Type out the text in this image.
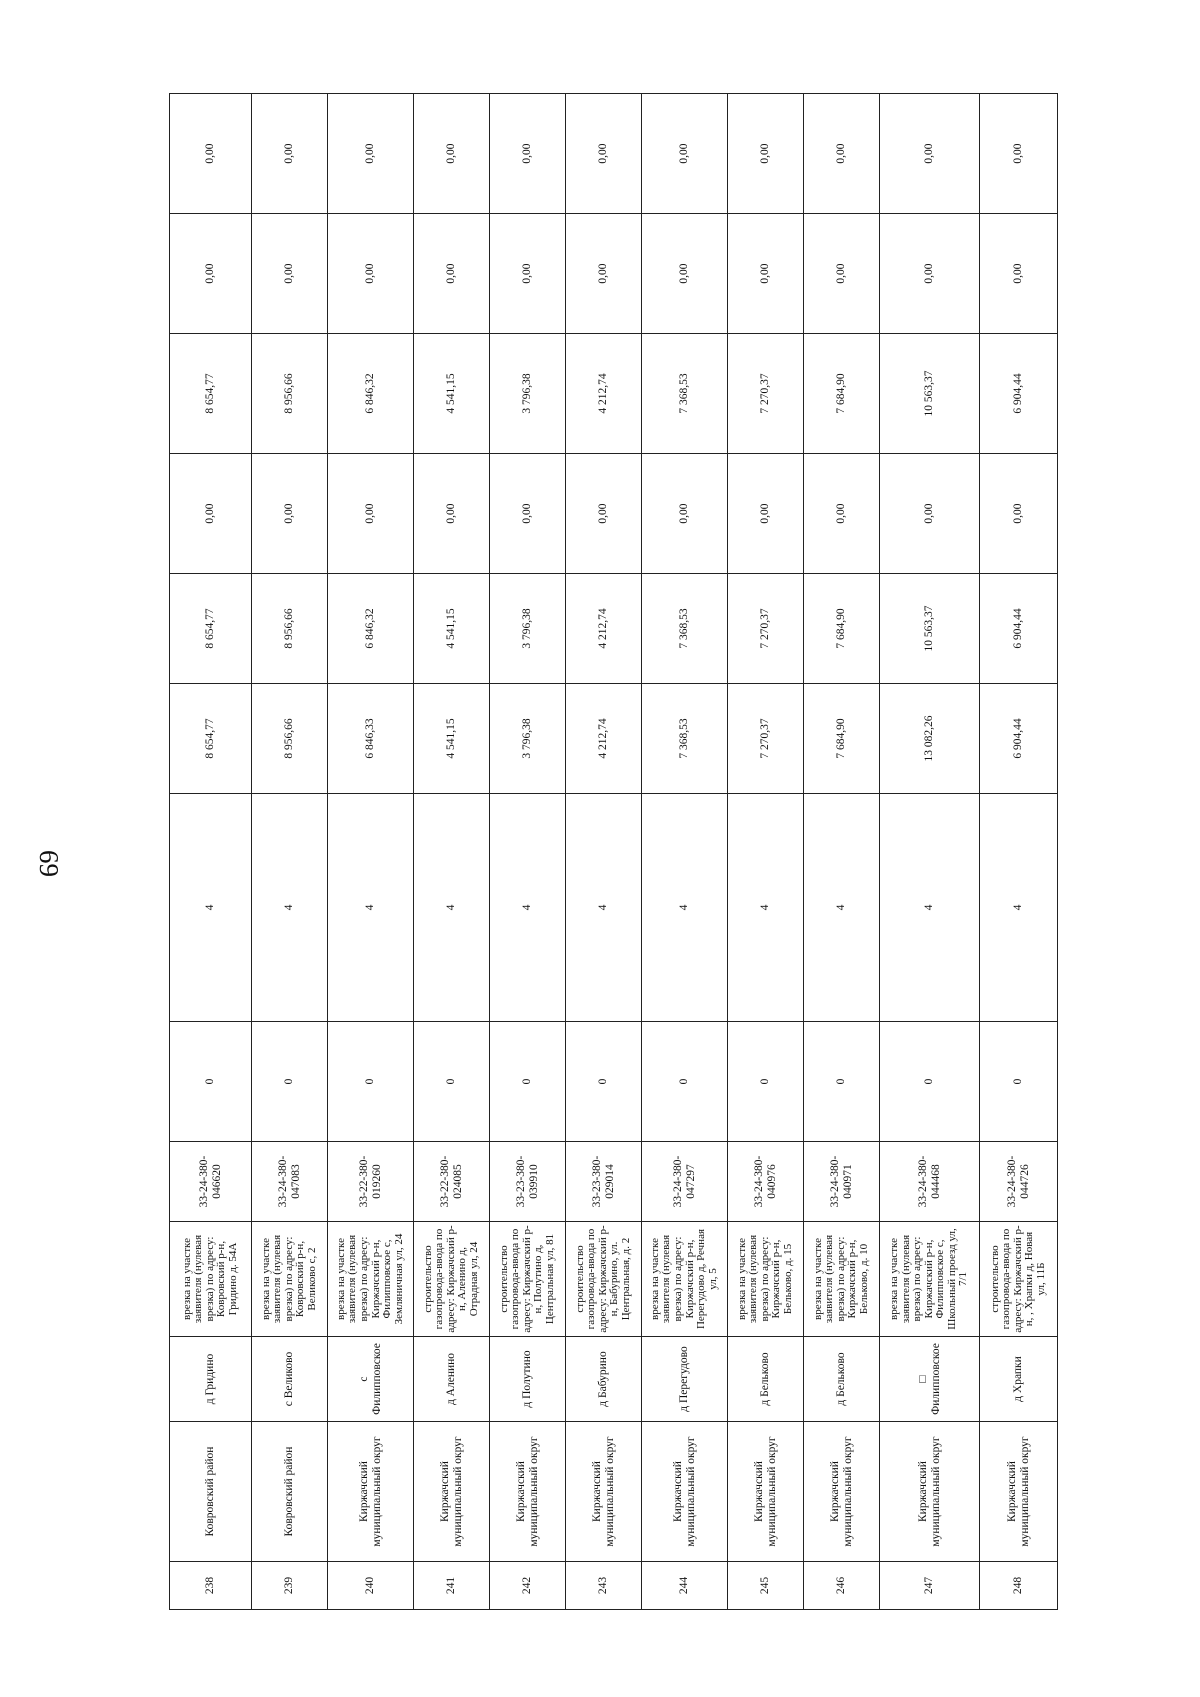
69
238	Ковровский район	д Гридино	врезка на участке заявителя (нулевая врезка) по адресу: Ковровский р-н, Гридино д. 54А	33-24-380-046620	0	4	8 654,77	8 654,77	0,00	8 654,77	0,00	0,00
239	Ковровский район	с Великово	врезка на участке заявителя (нулевая врезка) по адресу: Ковровский р-н, Великово с, 2	33-24-380-047083	0	4	8 956,66	8 956,66	0,00	8 956,66	0,00	0,00
240	Киржачский муниципальный округ	с Филипповское	врезка на участке заявителя (нулевая врезка) по адресу: Киржачский р-н, Филипповское с, Земляничная ул, 24	33-22-380-019260	0	4	6 846,33	6 846,32	0,00	6 846,32	0,00	0,00
241	Киржачский муниципальный округ	д Аленино	строительство газопровода-ввода по адресу: Киржачский р-н, Аленино д, Отрадная ул, 24	33-22-380-024085	0	4	4 541,15	4 541,15	0,00	4 541,15	0,00	0,00
242	Киржачский муниципальный округ	д Полутино	строительство газопровода-ввода по адресу: Киржачский р-н, Полутино д, Центральная ул, 81	33-23-380-039910	0	4	3 796,38	3 796,38	0,00	3 796,38	0,00	0,00
243	Киржачский муниципальный округ	д Бабурино	строительство газопровода-ввода по адресу: Киржачский р-н, Бабурино, ул. Центральная, д. 2	33-23-380-029014	0	4	4 212,74	4 212,74	0,00	4 212,74	0,00	0,00
244	Киржачский муниципальный округ	д Перегудово	врезка на участке заявителя (нулевая врезка) по адресу: Киржачский р-н, Перегудово д, Речная ул, 5	33-24-380-047297	0	4	7 368,53	7 368,53	0,00	7 368,53	0,00	0,00
245	Киржачский муниципальный округ	д Бельково	врезка на участке заявителя (нулевая врезка) по адресу: Киржачский р-н, Бельково, д. 15	33-24-380-040976	0	4	7 270,37	7 270,37	0,00	7 270,37	0,00	0,00
246	Киржачский муниципальный округ	д Бельково	врезка на участке заявителя (нулевая врезка) по адресу: Киржачский р-н, Бельково, д. 10	33-24-380-040971	0	4	7 684,90	7 684,90	0,00	7 684,90	0,00	0,00
247	Киржачский муниципальный округ	□ Филипповское	врезка на участке заявителя (нулевая врезка) по адресу: Киржачский р-н, Филипповское с, Школьный проезд ул, 7/1	33-24-380-044468	0	4	13 082,26	10 563,37	0,00	10 563,37	0,00	0,00
248	Киржачский муниципальный округ	д Храпки	строительство газопровода-ввода по адресу: Киржачский р-н, , Храпки д, Новая ул, 11Б	33-24-380-044726	0	4	6 904,44	6 904,44	0,00	6 904,44	0,00	0,00
